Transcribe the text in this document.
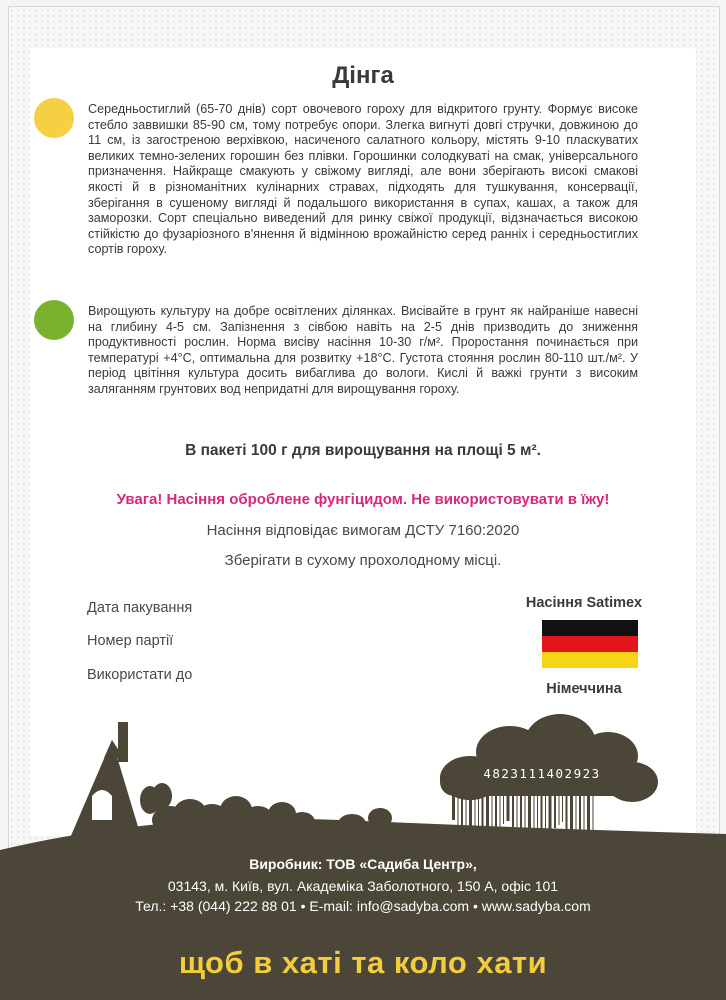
Дінга
Середньостиглий (65-70 днів) сорт овочевого гороху для відкритого грунту. Формує високе стебло заввишки 85-90 см, тому потребує опори. Злегка вигнуті довгі стручки, довжиною до 11 см, із загостреною верхівкою, насиченого салатного кольору, містять 9-10 пласкуватих великих темно-зелених горошин без плівки. Горошинки солодкуваті на смак, універсального призначення. Найкраще смакують у свіжому вигляді, але вони зберігають високі смакові якості й в різноманітних кулінарних стравах, підходять для тушкування, консервації, зберігання в сушеному вигляді й подальшого використання в супах, кашах, а також для заморозки. Сорт спеціально виведений для ринку свіжої продукції, відзначається високою стійкістю до фузаріозного в'янення й відмінною врожайністю серед ранніх і середньостиглих сортів гороху.
Вирощують культуру на добре освітлених ділянках. Висівайте в грунт як найраніше навесні на глибину 4-5 см. Запізнення з сівбою навіть на 2-5 днів призводить до зниження продуктивності рослин. Норма висіву насіння 10-30 г/м². Проростання починається при температурі +4°С, оптимальна для розвитку +18°С. Густота стояння рослин 80-110 шт./м². У період цвітіння культура досить вибаглива до вологи. Кислі й важкі грунти з високим заляганням грунтових вод непридатні для вирощування гороху.
В пакеті 100 г для вирощування на площі 5 м².
Увага! Насіння оброблене фунгіцидом. Не використовувати в їжу!
Насіння відповідає вимогам ДСТУ 7160:2020
Зберігати в сухому прохолодному місці.
Дата пакування
Номер партії
Використати до
Насіння Satimex
Німеччина
4823111402923
Виробник: ТОВ «Садиба Центр»,
03143, м. Київ, вул. Академіка Заболотного, 150 А, офіс 101
Тел.: +38 (044) 222 88 01 • E-mail: info@sadyba.com • www.sadyba.com
щоб в хаті та коло хати
